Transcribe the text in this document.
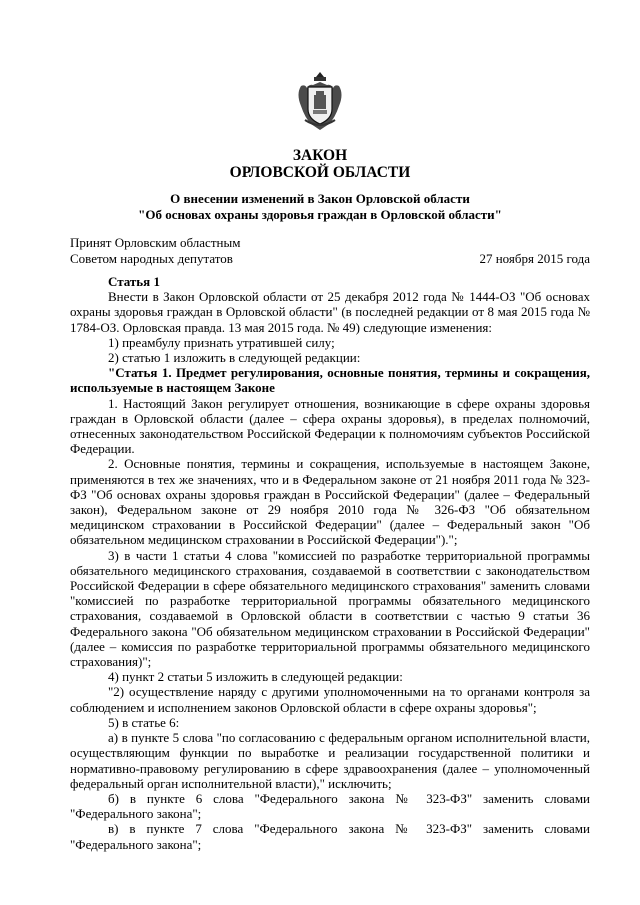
ЗАКОН
ОРЛОВСКОЙ ОБЛАСТИ
О внесении изменений в Закон Орловской области
"Об основах охраны здоровья граждан в Орловской области"
Принят Орловским областным
Советом народных депутатов	27 ноября 2015 года

Статья 1

Внести в Закон Орловской области от 25 декабря 2012 года № 1444-ОЗ "Об основах охраны здоровья граждан в Орловской области" (в последней редакции от 8 мая 2015 года № 1784-ОЗ. Орловская правда. 13 мая 2015 года. № 49) следующие изменения:

1) преамбулу признать утратившей силу;

2) статью 1 изложить в следующей редакции:

"Статья 1. Предмет регулирования, основные понятия, термины и сокращения, используемые в настоящем Законе

1. Настоящий Закон регулирует отношения, возникающие в сфере охраны здоровья граждан в Орловской области (далее – сфера охраны здоровья), в пределах полномочий, отнесенных законодательством Российской Федерации к полномочиям субъектов Российской Федерации.

2. Основные понятия, термины и сокращения, используемые в настоящем Законе, применяются в тех же значениях, что и в Федеральном законе от 21 ноября 2011 года № 323-ФЗ "Об основах охраны здоровья граждан в Российской Федерации" (далее – Федеральный закон), Федеральном законе от 29 ноября 2010 года № 326-ФЗ "Об обязательном медицинском страховании в Российской Федерации" (далее – Федеральный закон "Об обязательном медицинском страховании в Российской Федерации").";

3) в части 1 статьи 4 слова "комиссией по разработке территориальной программы обязательного медицинского страхования, создаваемой в соответствии с законодательством Российской Федерации в сфере обязательного медицинского страхования" заменить словами "комиссией по разработке территориальной программы обязательного медицинского страхования, создаваемой в Орловской области в соответствии с частью 9 статьи 36 Федерального закона "Об обязательном медицинском страховании в Российской Федерации" (далее – комиссия по разработке территориальной программы обязательного медицинского страхования)";

4) пункт 2 статьи 5 изложить в следующей редакции:

"2) осуществление наряду с другими уполномоченными на то органами контроля за соблюдением и исполнением законов Орловской области в сфере охраны здоровья";

5) в статье 6:

а) в пункте 5 слова "по согласованию с федеральным органом исполнительной власти, осуществляющим функции по выработке и реализации государственной политики и нормативно-правовому регулированию в сфере здравоохранения (далее – уполномоченный федеральный орган исполнительной власти)," исключить;

б) в пункте 6 слова "Федерального закона № 323-ФЗ" заменить словами "Федерального закона";

в) в пункте 7 слова "Федерального закона № 323-ФЗ" заменить словами "Федерального закона";
